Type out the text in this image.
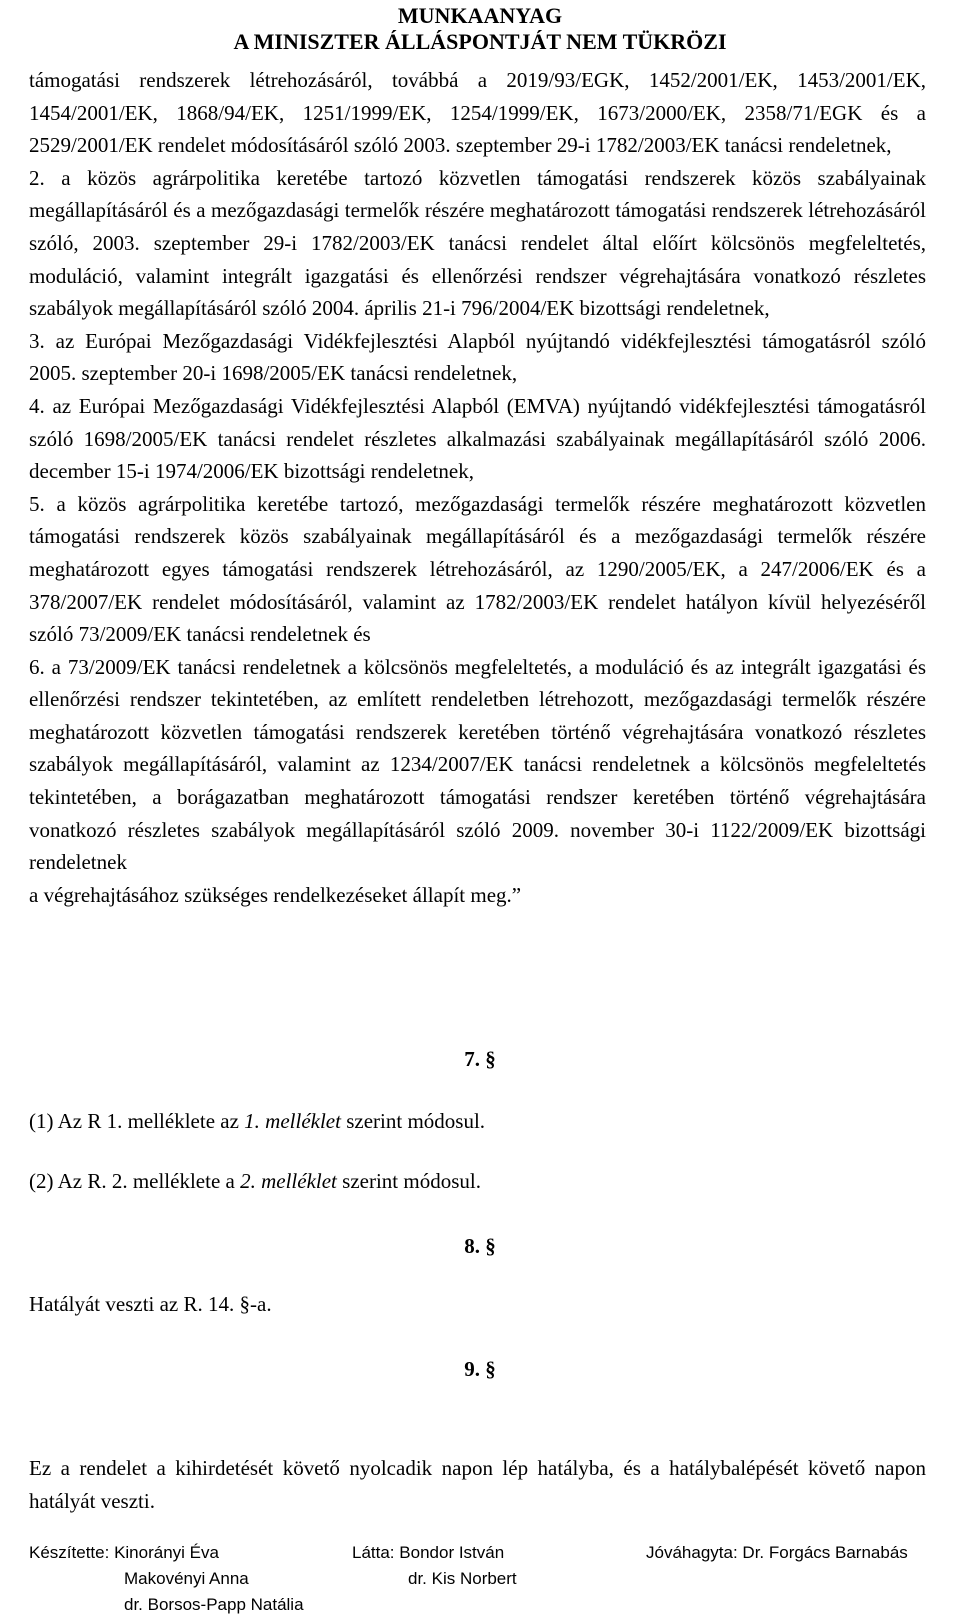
MUNKAANYAG
A MINISZTER ÁLLÁSPONTJÁT NEM TÜKRÖZI

támogatási rendszerek létrehozásáról, továbbá a 2019/93/EGK, 1452/2001/EK, 1453/2001/EK, 1454/2001/EK, 1868/94/EK, 1251/1999/EK, 1254/1999/EK, 1673/2000/EK, 2358/71/EGK és a 2529/2001/EK rendelet módosításáról szóló 2003. szeptember 29-i 1782/2003/EK tanácsi rendeletnek,

2. a közös agrárpolitika keretébe tartozó közvetlen támogatási rendszerek közös szabályainak megállapításáról és a mezőgazdasági termelők részére meghatározott támogatási rendszerek létrehozásáról szóló, 2003. szeptember 29-i 1782/2003/EK tanácsi rendelet által előírt kölcsönös megfeleltetés, moduláció, valamint integrált igazgatási és ellenőrzési rendszer végrehajtására vonatkozó részletes szabályok megállapításáról szóló 2004. április 21-i 796/2004/EK bizottsági rendeletnek,

3. az Európai Mezőgazdasági Vidékfejlesztési Alapból nyújtandó vidékfejlesztési támogatásról szóló 2005. szeptember 20-i 1698/2005/EK tanácsi rendeletnek,

4. az Európai Mezőgazdasági Vidékfejlesztési Alapból (EMVA) nyújtandó vidékfejlesztési támogatásról szóló 1698/2005/EK tanácsi rendelet részletes alkalmazási szabályainak megállapításáról szóló 2006. december 15-i 1974/2006/EK bizottsági rendeletnek,

5. a közös agrárpolitika keretébe tartozó, mezőgazdasági termelők részére meghatározott közvetlen támogatási rendszerek közös szabályainak megállapításáról és a mezőgazdasági termelők részére meghatározott egyes támogatási rendszerek létrehozásáról, az 1290/2005/EK, a 247/2006/EK és a 378/2007/EK rendelet módosításáról, valamint az 1782/2003/EK rendelet hatályon kívül helyezéséről szóló 73/2009/EK tanácsi rendeletnek és

6. a 73/2009/EK tanácsi rendeletnek a kölcsönös megfeleltetés, a moduláció és az integrált igazgatási és ellenőrzési rendszer tekintetében, az említett rendeletben létrehozott, mezőgazdasági termelők részére meghatározott közvetlen támogatási rendszerek keretében történő végrehajtására vonatkozó részletes szabályok megállapításáról, valamint az 1234/2007/EK tanácsi rendeletnek a kölcsönös megfeleltetés tekintetében, a borágazatban meghatározott támogatási rendszer keretében történő végrehajtására vonatkozó részletes szabályok megállapításáról szóló 2009. november 30-i 1122/2009/EK bizottsági rendeletnek

a végrehajtásához szükséges rendelkezéseket állapít meg.”

7. §
(1) Az R 1. melléklete az 1. melléklet szerint módosul.
(2) Az R. 2. melléklete a 2. melléklet szerint módosul.
8. §
Hatályát veszti az R. 14. §-a.
9. §
Ez a rendelet a kihirdetését követő nyolcadik napon lép hatályba, és a hatálybalépését követő napon hatályát veszti.
Készítette: Kinorányi Éva
Makovényi Anna
dr. Borsos-Papp Natália
Látta: Bondor István
dr. Kis Norbert
Jóváhagyta: Dr. Forgács Barnabás
